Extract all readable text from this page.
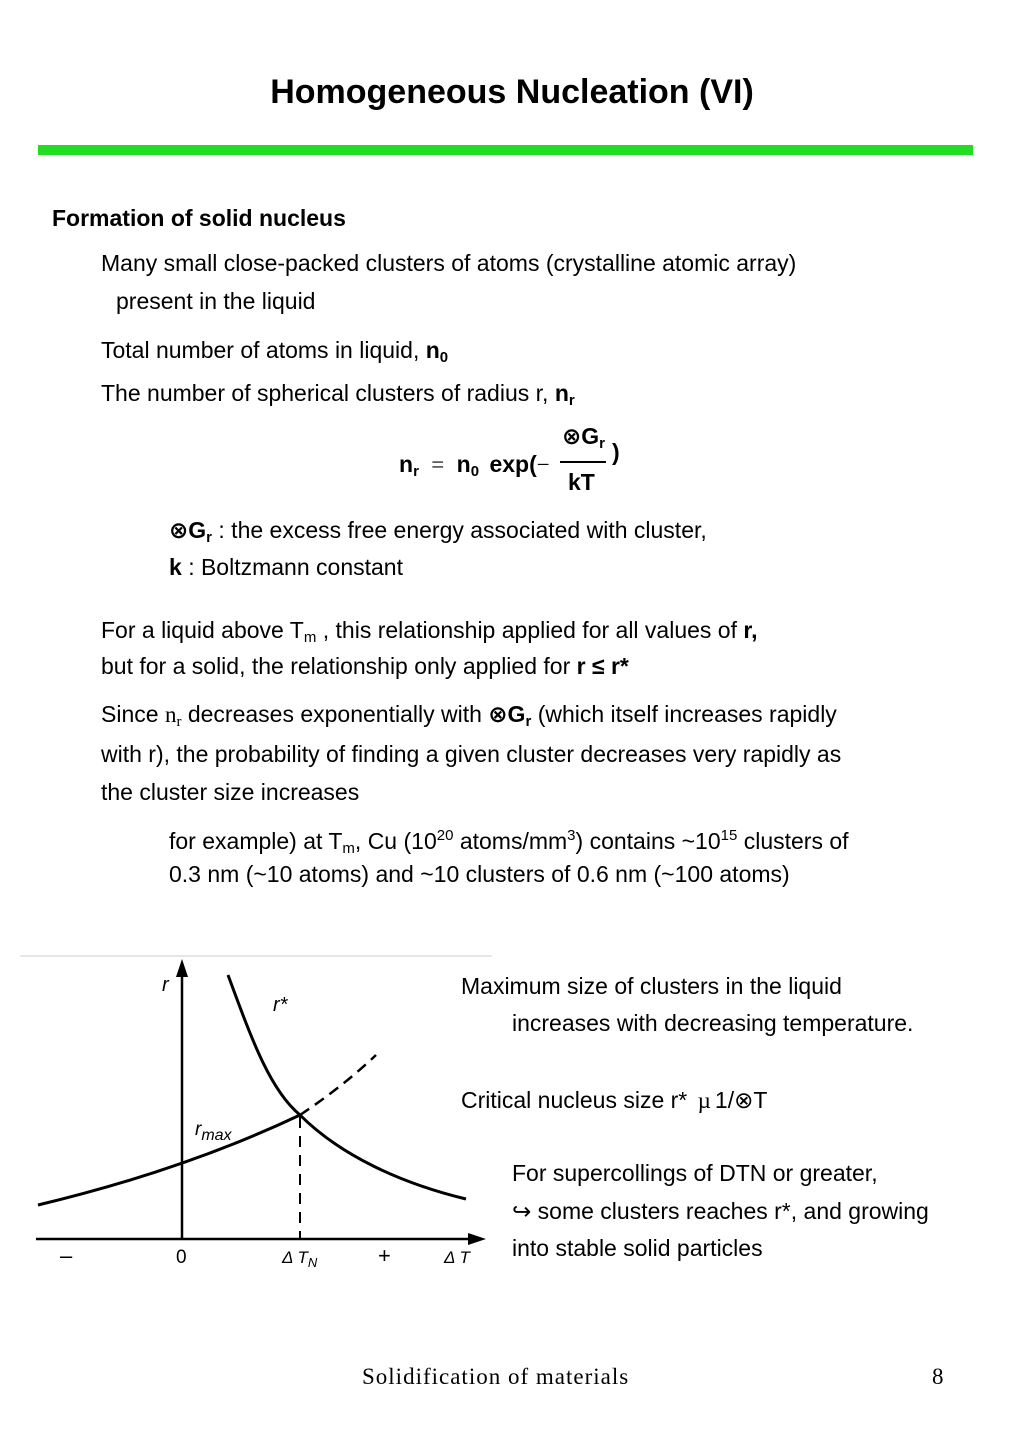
Homogeneous Nucleation (VI)
Formation of solid nucleus
Many small close-packed clusters of atoms (crystalline atomic array)
present in the liquid
Total number of atoms in liquid, $n_0$
The number of spherical clusters of radius r, $n_r$
$n_r = n_0$ exp(−
$\otimes G_r$ )
kT
$\otimes G_r$ : the excess free energy associated with cluster,
k : Boltzmann constant
For a liquid above $T_m$ , this relationship applied for all values of r,
but for a solid, the relationship only applied for r ≤ r*
Since $n_r$ decreases exponentially with $\otimes G_r$ (which itself increases rapidly
with r), the probability of finding a given cluster decreases very rapidly as
the cluster size increases
for example) at $T_m$, Cu ($10^{20}$ atoms/$mm^3$) contains $\sim 10^{15}$ clusters of
0.3 nm (~10 atoms) and ~10 clusters of 0.6 nm (~100 atoms)
r
r*
$r_{max}$
–	0	Δ $T_N$	+	Δ T
Maximum size of clusters in the liquid
increases with decreasing temperature.
Critical nucleus size r* µ 1/⊗T
For supercollings of DTN or greater,
↪ some clusters reaches r*, and growing
into stable solid particles
Solidification of materials	8
